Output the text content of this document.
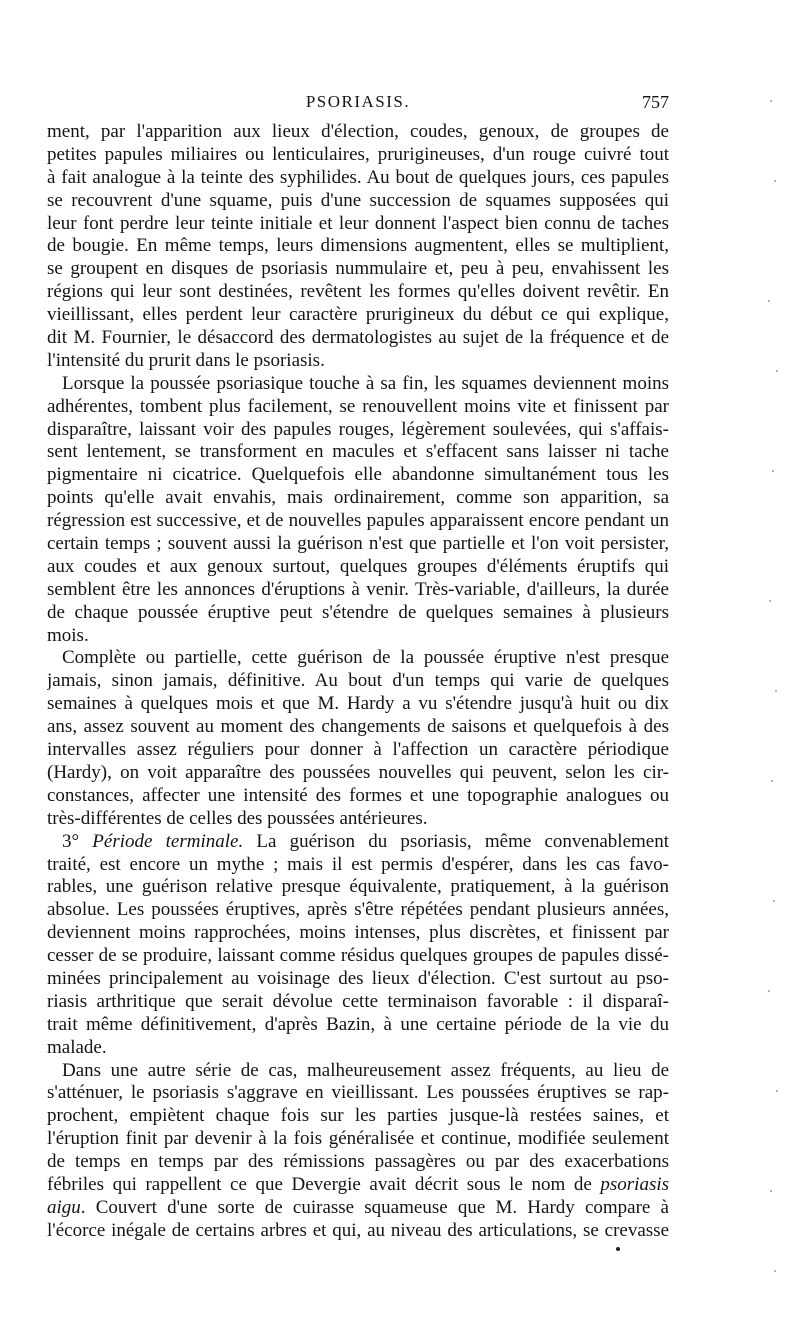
PSORIASIS.	757
ment, par l'apparition aux lieux d'élection, coudes, genoux, de groupes de
petites papules miliaires ou lenticulaires, prurigineuses, d'un rouge cuivré tout
à fait analogue à la teinte des syphilides. Au bout de quelques jours, ces papules
se recouvrent d'une squame, puis d'une succession de squames supposées qui
leur font perdre leur teinte initiale et leur donnent l'aspect bien connu de taches
de bougie. En même temps, leurs dimensions augmentent, elles se multiplient,
se groupent en disques de psoriasis nummulaire et, peu à peu, envahissent les
régions qui leur sont destinées, revêtent les formes qu'elles doivent revêtir. En
vieillissant, elles perdent leur caractère prurigineux du début ce qui explique,
dit M. Fournier, le désaccord des dermatologistes au sujet de la fréquence et de
l'intensité du prurit dans le psoriasis.
Lorsque la poussée psoriasique touche à sa fin, les squames deviennent moins
adhérentes, tombent plus facilement, se renouvellent moins vite et finissent par
disparaître, laissant voir des papules rouges, légèrement soulevées, qui s'affais-
sent lentement, se transforment en macules et s'effacent sans laisser ni tache
pigmentaire ni cicatrice. Quelquefois elle abandonne simultanément tous les
points qu'elle avait envahis, mais ordinairement, comme son apparition, sa
régression est successive, et de nouvelles papules apparaissent encore pendant un
certain temps ; souvent aussi la guérison n'est que partielle et l'on voit persister,
aux coudes et aux genoux surtout, quelques groupes d'éléments éruptifs qui
semblent être les annonces d'éruptions à venir. Très-variable, d'ailleurs, la durée
de chaque poussée éruptive peut s'étendre de quelques semaines à plusieurs
mois.
Complète ou partielle, cette guérison de la poussée éruptive n'est presque
jamais, sinon jamais, définitive. Au bout d'un temps qui varie de quelques
semaines à quelques mois et que M. Hardy a vu s'étendre jusqu'à huit ou dix
ans, assez souvent au moment des changements de saisons et quelquefois à des
intervalles assez réguliers pour donner à l'affection un caractère périodique
(Hardy), on voit apparaître des poussées nouvelles qui peuvent, selon les cir-
constances, affecter une intensité des formes et une topographie analogues ou
très-différentes de celles des poussées antérieures.
3° Période terminale. La guérison du psoriasis, même convenablement
traité, est encore un mythe ; mais il est permis d'espérer, dans les cas favo-
rables, une guérison relative presque équivalente, pratiquement, à la guérison
absolue. Les poussées éruptives, après s'être répétées pendant plusieurs années,
deviennent moins rapprochées, moins intenses, plus discrètes, et finissent par
cesser de se produire, laissant comme résidus quelques groupes de papules dissé-
minées principalement au voisinage des lieux d'élection. C'est surtout au pso-
riasis arthritique que serait dévolue cette terminaison favorable : il disparaî-
trait même définitivement, d'après Bazin, à une certaine période de la vie du
malade.
Dans une autre série de cas, malheureusement assez fréquents, au lieu de
s'atténuer, le psoriasis s'aggrave en vieillissant. Les poussées éruptives se rap-
prochent, empiètent chaque fois sur les parties jusque-là restées saines, et
l'éruption finit par devenir à la fois généralisée et continue, modifiée seulement
de temps en temps par des rémissions passagères ou par des exacerbations
fébriles qui rappellent ce que Devergie avait décrit sous le nom de psoriasis
aigu. Couvert d'une sorte de cuirasse squameuse que M. Hardy compare à
l'écorce inégale de certains arbres et qui, au niveau des articulations, se crevasse
